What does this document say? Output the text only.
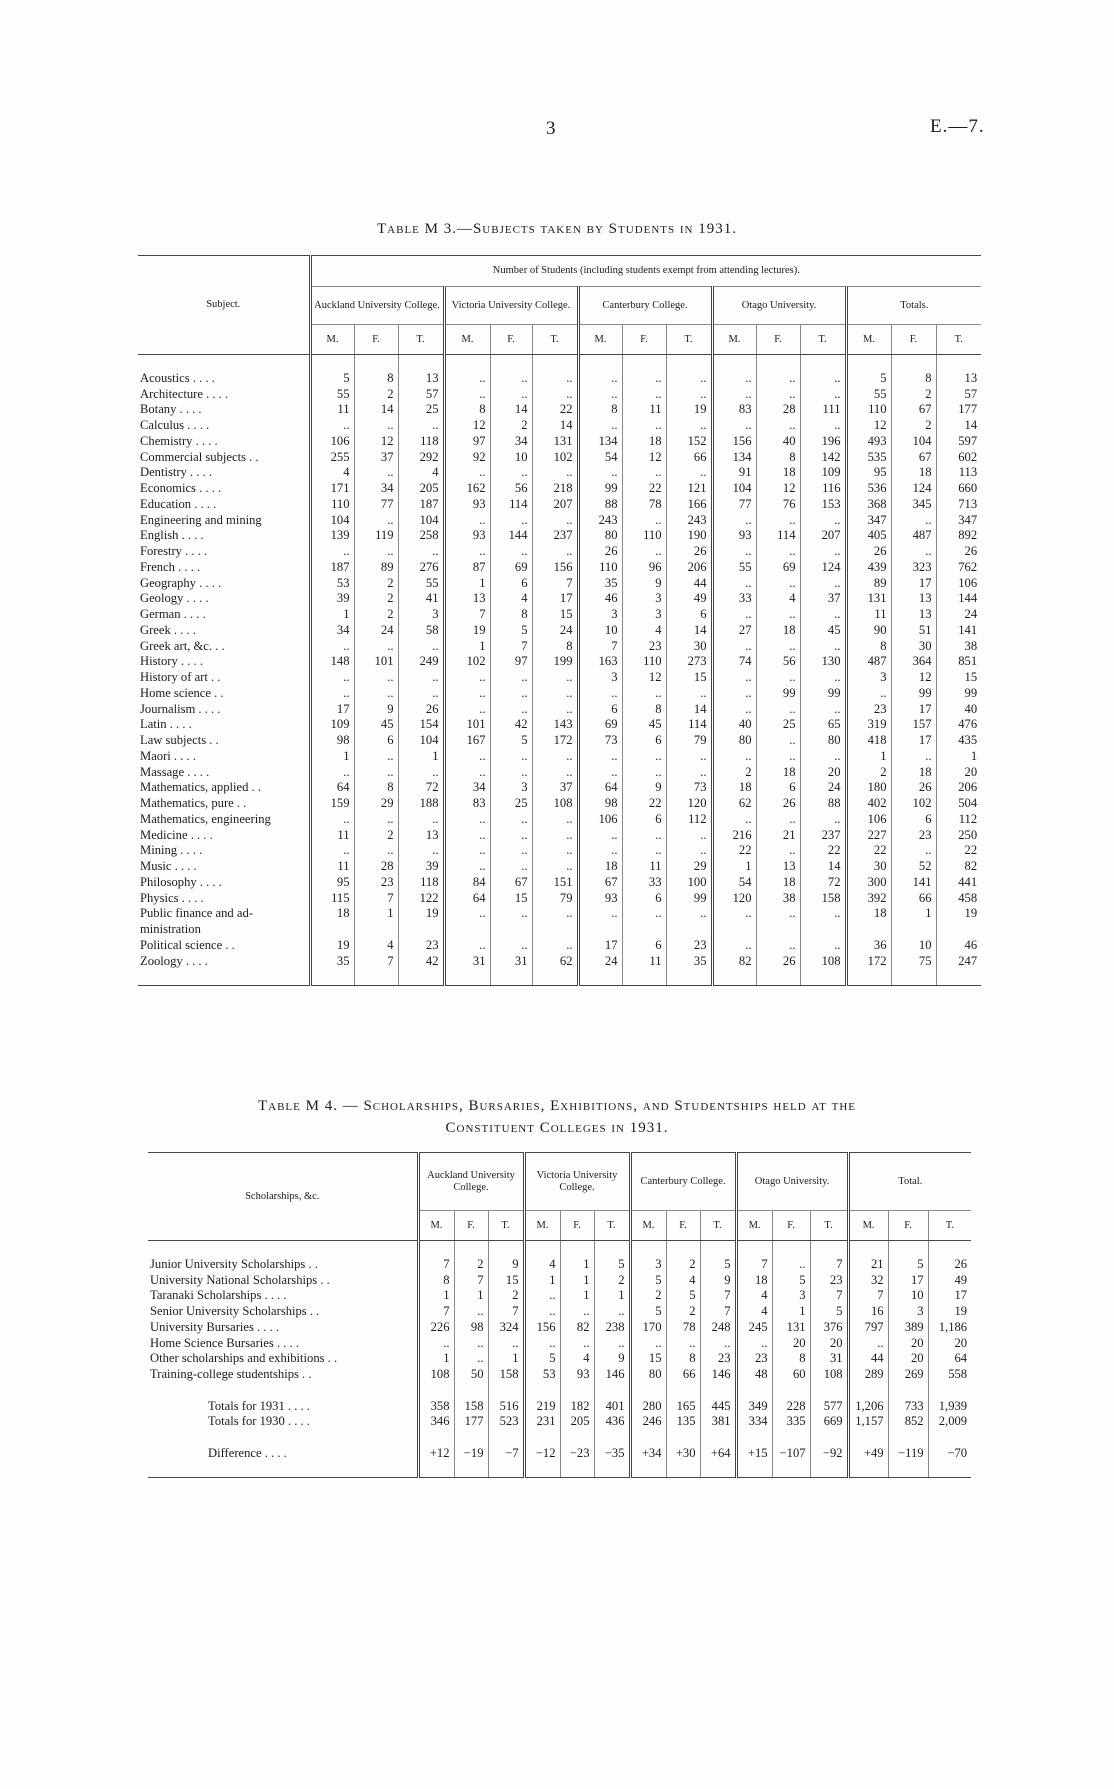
3	E.—7.
Table M 3.—Subjects taken by Students in 1931.
Subject.	Number of Students (including students exempt from attending lectures).														
	Auckland University College.			Victoria University College.			Canterbury College.			Otago University.			Totals.		
	M.	F.	T.	M.	F.	T.	M.	F.	T.	M.	F.	T.	M.	F.	T.

Acoustics . . . .	5	8	13	..	..	..	..	..	..	..	..	..	5	8	13
Architecture . . . .	55	2	57	..	..	..	..	..	..	..	..	..	55	2	57
Botany . . . .	11	14	25	8	14	22	8	11	19	83	28	111	110	67	177
Calculus . . . .	..	..	..	12	2	14	..	..	..	..	..	..	12	2	14
Chemistry . . . .	106	12	118	97	34	131	134	18	152	156	40	196	493	104	597
Commercial subjects . .	255	37	292	92	10	102	54	12	66	134	8	142	535	67	602
Dentistry . . . .	4	..	4	..	..	..	..	..	..	91	18	109	95	18	113
Economics . . . .	171	34	205	162	56	218	99	22	121	104	12	116	536	124	660
Education . . . .	110	77	187	93	114	207	88	78	166	77	76	153	368	345	713
Engineering and mining	104	..	104	..	..	..	243	..	243	..	..	..	347	..	347
English . . . .	139	119	258	93	144	237	80	110	190	93	114	207	405	487	892
Forestry . . . .	..	..	..	..	..	..	26	..	26	..	..	..	26	..	26
French . . . .	187	89	276	87	69	156	110	96	206	55	69	124	439	323	762
Geography . . . .	53	2	55	1	6	7	35	9	44	..	..	..	89	17	106
Geology . . . .	39	2	41	13	4	17	46	3	49	33	4	37	131	13	144
German . . . .	1	2	3	7	8	15	3	3	6	..	..	..	11	13	24
Greek . . . .	34	24	58	19	5	24	10	4	14	27	18	45	90	51	141
Greek art, &c. . .	..	..	..	1	7	8	7	23	30	..	..	..	8	30	38
History . . . .	148	101	249	102	97	199	163	110	273	74	56	130	487	364	851
History of art . .	..	..	..	..	..	..	3	12	15	..	..	..	3	12	15
Home science . .	..	..	..	..	..	..	..	..	..	..	99	99	..	99	99
Journalism . . . .	17	9	26	..	..	..	6	8	14	..	..	..	23	17	40
Latin . . . .	109	45	154	101	42	143	69	45	114	40	25	65	319	157	476
Law subjects . .	98	6	104	167	5	172	73	6	79	80	..	80	418	17	435
Maori . . . .	1	..	1	..	..	..	..	..	..	..	..	..	1	..	1
Massage . . . .	..	..	..	..	..	..	..	..	..	2	18	20	2	18	20
Mathematics, applied . .	64	8	72	34	3	37	64	9	73	18	6	24	180	26	206
Mathematics, pure . .	159	29	188	83	25	108	98	22	120	62	26	88	402	102	504
Mathematics, engineering	..	..	..	..	..	..	106	6	112	..	..	..	106	6	112
Medicine . . . .	11	2	13	..	..	..	..	..	..	216	21	237	227	23	250
Mining . . . .	..	..	..	..	..	..	..	..	..	22	..	22	22	..	22
Music . . . .	11	28	39	..	..	..	18	11	29	1	13	14	30	52	82
Philosophy . . . .	95	23	118	84	67	151	67	33	100	54	18	72	300	141	441
Physics . . . .	115	7	122	64	15	79	93	6	99	120	38	158	392	66	458
Public finance and ad-	18	1	19	..	..	..	..	..	..	..	..	..	18	1	19
ministration															
Political science . .	19	4	23	..	..	..	17	6	23	..	..	..	36	10	46
Zoology . . . .	35	7	42	31	31	62	24	11	35	82	26	108	172	75	247

Table M 4. — Scholarships, Bursaries, Exhibitions, and Studentships held at the
Constituent Colleges in 1931.
Scholarships, &c.	Auckland University College.			Victoria University College.			Canterbury College.			Otago University.			Total.		
	M.	F.	T.	M.	F.	T.	M.	F.	T.	M.	F.	T.	M.	F.	T.

Junior University Scholarships . .	7	2	9	4	1	5	3	2	5	7	..	7	21	5	26
University National Scholarships . .	8	7	15	1	1	2	5	4	9	18	5	23	32	17	49
Taranaki Scholarships . . . .	1	1	2	..	1	1	2	5	7	4	3	7	7	10	17
Senior University Scholarships . .	7	..	7	..	..	..	5	2	7	4	1	5	16	3	19
University Bursaries . . . .	226	98	324	156	82	238	170	78	248	245	131	376	797	389	1,186
Home Science Bursaries . . . .	..	..	..	..	..	..	..	..	..	..	20	20	..	20	20
Other scholarships and exhibitions . .	1	..	1	5	4	9	15	8	23	23	8	31	44	20	64
Training-college studentships . .	108	50	158	53	93	146	80	66	146	48	60	108	289	269	558

Totals for 1931 . . . .	358	158	516	219	182	401	280	165	445	349	228	577	1,206	733	1,939
Totals for 1930 . . . .	346	177	523	231	205	436	246	135	381	334	335	669	1,157	852	2,009

Difference . . . .	+12	−19	−7	−12	−23	−35	+34	+30	+64	+15	−107	−92	+49	−119	−70
